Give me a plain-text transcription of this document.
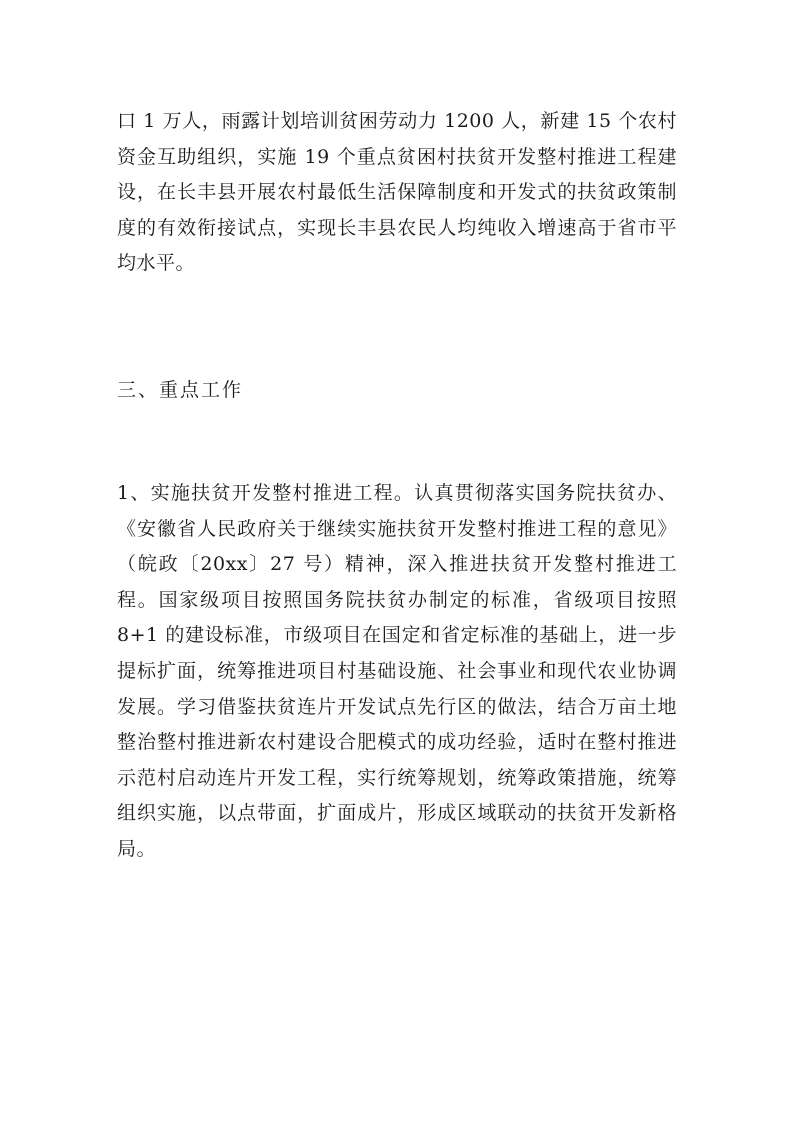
口 1 万人，雨露计划培训贫困劳动力 1200 人，新建 15 个农村资金互助组织，实施 19 个重点贫困村扶贫开发整村推进工程建设，在长丰县开展农村最低生活保障制度和开发式的扶贫政策制度的有效衔接试点，实现长丰县农民人均纯收入增速高于省市平均水平。

三、重点工作

1、实施扶贫开发整村推进工程。认真贯彻落实国务院扶贫办、《安徽省人民政府关于继续实施扶贫开发整村推进工程的意见》（皖政〔20xx〕27 号）精神，深入推进扶贫开发整村推进工程。国家级项目按照国务院扶贫办制定的标准，省级项目按照 8+1 的建设标准，市级项目在国定和省定标准的基础上，进一步提标扩面，统筹推进项目村基础设施、社会事业和现代农业协调发展。学习借鉴扶贫连片开发试点先行区的做法，结合万亩土地整治整村推进新农村建设合肥模式的成功经验，适时在整村推进示范村启动连片开发工程，实行统筹规划，统筹政策措施，统筹组织实施，以点带面，扩面成片，形成区域联动的扶贫开发新格局。
